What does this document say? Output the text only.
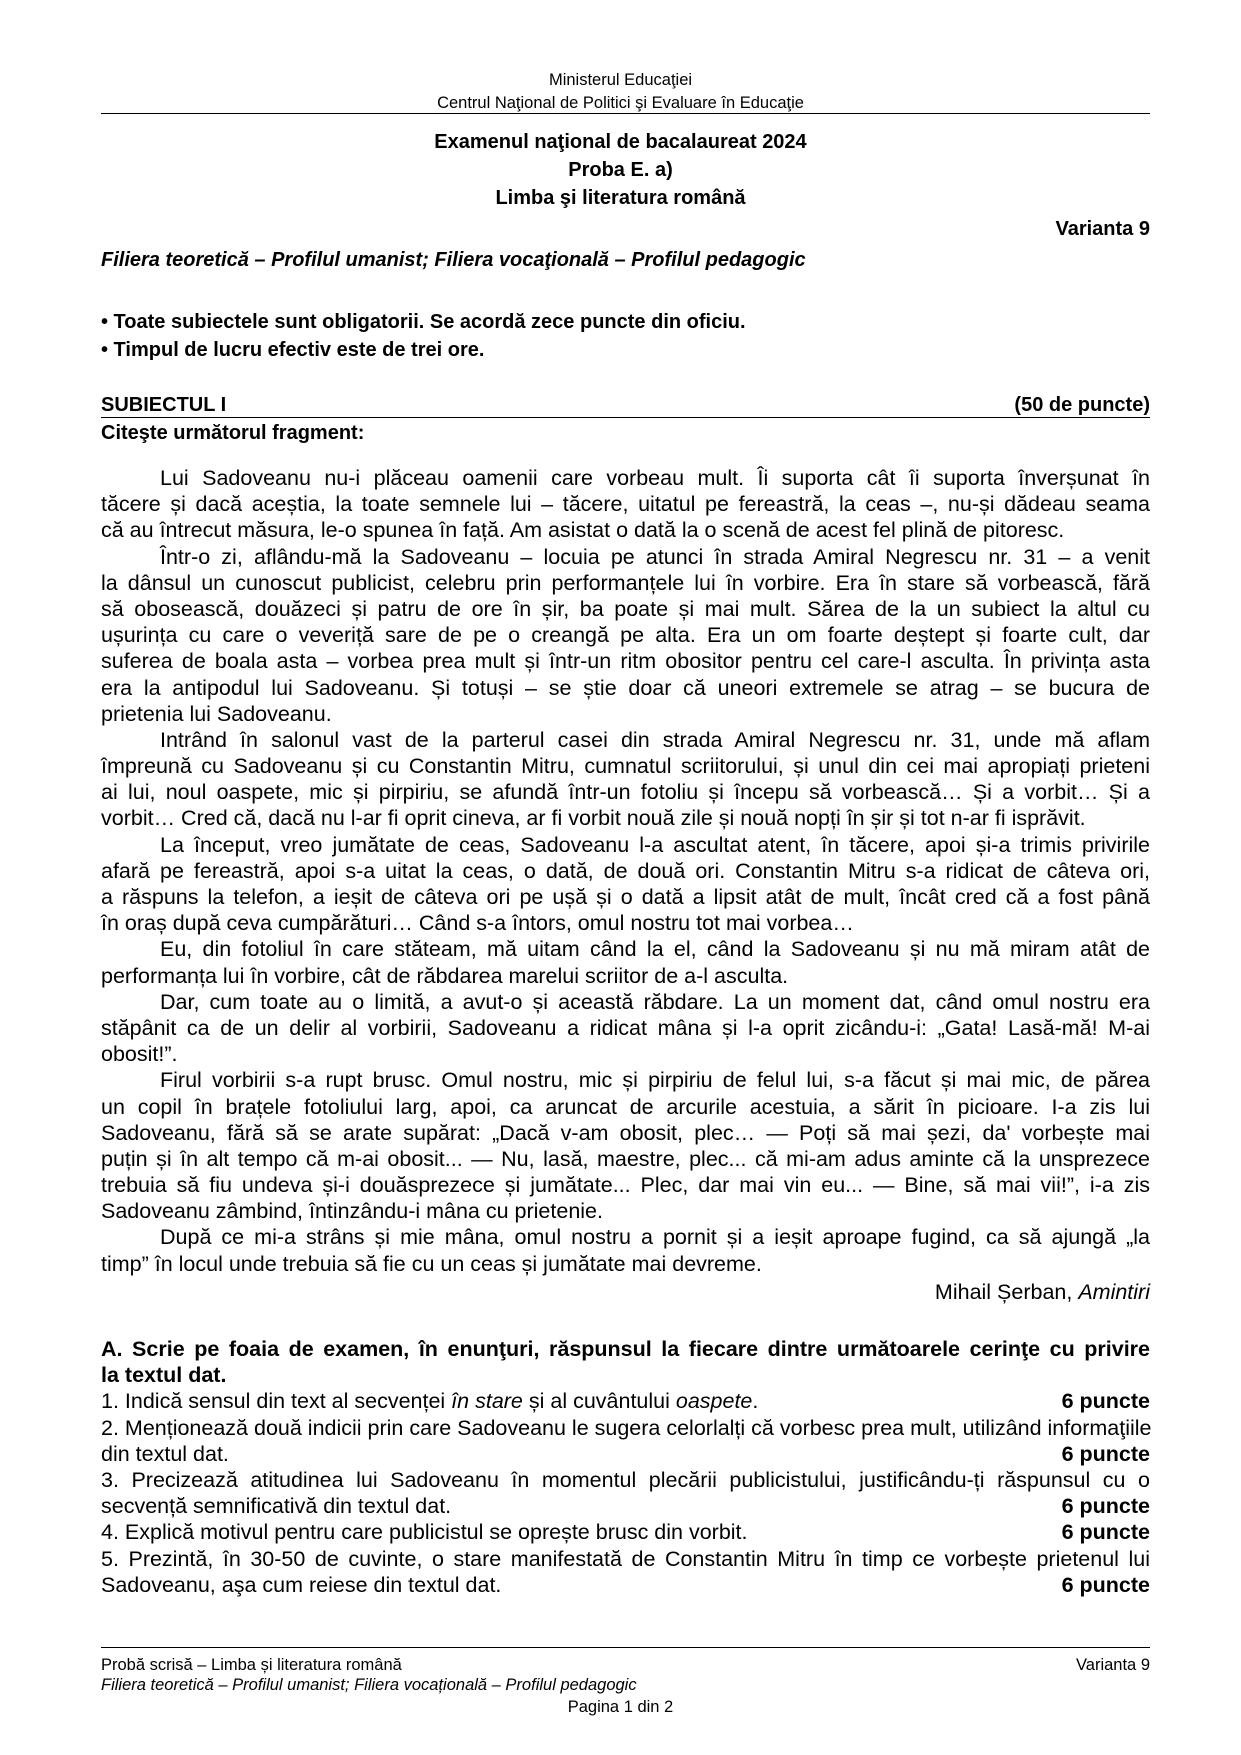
Ministerul Educaţiei
Centrul Naţional de Politici şi Evaluare în Educaţie
Examenul naţional de bacalaureat 2024
Proba E. a)
Limba şi literatura română
Varianta 9
Filiera teoretică – Profilul umanist; Filiera vocaţională – Profilul pedagogic
• Toate subiectele sunt obligatorii. Se acordă zece puncte din oficiu.
• Timpul de lucru efectiv este de trei ore.
SUBIECTUL I	(50 de puncte)
Citeşte următorul fragment:
Lui Sadoveanu nu-i plăceau oamenii care vorbeau mult. Îi suporta cât îi suporta înverșunat în
tăcere și dacă aceștia, la toate semnele lui – tăcere, uitatul pe fereastră, la ceas –, nu-și dădeau seama
că au întrecut măsura, le-o spunea în față. Am asistat o dată la o scenă de acest fel plină de pitoresc.
Într-o zi, aflându-mă la Sadoveanu – locuia pe atunci în strada Amiral Negrescu nr. 31 – a venit
la dânsul un cunoscut publicist, celebru prin performanțele lui în vorbire. Era în stare să vorbească, fără
să obosească, douăzeci și patru de ore în șir, ba poate și mai mult. Sărea de la un subiect la altul cu
ușurința cu care o veveriță sare de pe o creangă pe alta. Era un om foarte deștept și foarte cult, dar
suferea de boala asta – vorbea prea mult și într-un ritm obositor pentru cel care-l asculta. În privința asta
era la antipodul lui Sadoveanu. Și totuși – se știe doar că uneori extremele se atrag – se bucura de
prietenia lui Sadoveanu.
Intrând în salonul vast de la parterul casei din strada Amiral Negrescu nr. 31, unde mă aflam
împreună cu Sadoveanu și cu Constantin Mitru, cumnatul scriitorului, și unul din cei mai apropiați prieteni
ai lui, noul oaspete, mic și pirpiriu, se afundă într-un fotoliu și începu să vorbească… Și a vorbit… Și a
vorbit… Cred că, dacă nu l-ar fi oprit cineva, ar fi vorbit nouă zile și nouă nopți în șir și tot n-ar fi isprăvit.
La început, vreo jumătate de ceas, Sadoveanu l-a ascultat atent, în tăcere, apoi și-a trimis privirile
afară pe fereastră, apoi s-a uitat la ceas, o dată, de două ori. Constantin Mitru s-a ridicat de câteva ori,
a răspuns la telefon, a ieșit de câteva ori pe ușă și o dată a lipsit atât de mult, încât cred că a fost până
în oraș după ceva cumpărături… Când s-a întors, omul nostru tot mai vorbea…
Eu, din fotoliul în care stăteam, mă uitam când la el, când la Sadoveanu și nu mă miram atât de
performanța lui în vorbire, cât de răbdarea marelui scriitor de a-l asculta.
Dar, cum toate au o limită, a avut-o și această răbdare. La un moment dat, când omul nostru era
stăpânit ca de un delir al vorbirii, Sadoveanu a ridicat mâna și l-a oprit zicându-i: „Gata! Lasă-mă! M-ai
obosit!”.
Firul vorbirii s-a rupt brusc. Omul nostru, mic și pirpiriu de felul lui, s-a făcut și mai mic, de părea
un copil în brațele fotoliului larg, apoi, ca aruncat de arcurile acestuia, a sărit în picioare. I-a zis lui
Sadoveanu, fără să se arate supărat: „Dacă v-am obosit, plec… — Poți să mai șezi, da' vorbește mai
puțin și în alt tempo că m-ai obosit... — Nu, lasă, maestre, plec... că mi-am adus aminte că la unsprezece
trebuia să fiu undeva și-i douăsprezece și jumătate... Plec, dar mai vin eu... — Bine, să mai vii!”, i-a zis
Sadoveanu zâmbind, întinzându-i mâna cu prietenie.
După ce mi-a strâns și mie mâna, omul nostru a pornit și a ieșit aproape fugind, ca să ajungă „la
timp” în locul unde trebuia să fie cu un ceas și jumătate mai devreme.
Mihail Șerban, Amintiri
A. Scrie pe foaia de examen, în enunţuri, răspunsul la fiecare dintre următoarele cerinţe cu privire
la textul dat.
1. Indică sensul din text al secvenței în stare și al cuvântului oaspete.	6 puncte
2. Menționează două indicii prin care Sadoveanu le sugera celorlalți că vorbesc prea mult, utilizând informaţiile
din textul dat.	6 puncte
3. Precizează atitudinea lui Sadoveanu în momentul plecării publicistului, justificându-ți răspunsul cu o
secvență semnificativă din textul dat.	6 puncte
4. Explică motivul pentru care publicistul se oprește brusc din vorbit.	6 puncte
5. Prezintă, în 30-50 de cuvinte, o stare manifestată de Constantin Mitru în timp ce vorbește prietenul lui
Sadoveanu, aşa cum reiese din textul dat.	6 puncte
Probă scrisă – Limba și literatura română	Varianta 9
Filiera teoretică – Profilul umanist; Filiera vocațională – Profilul pedagogic
Pagina 1 din 2
